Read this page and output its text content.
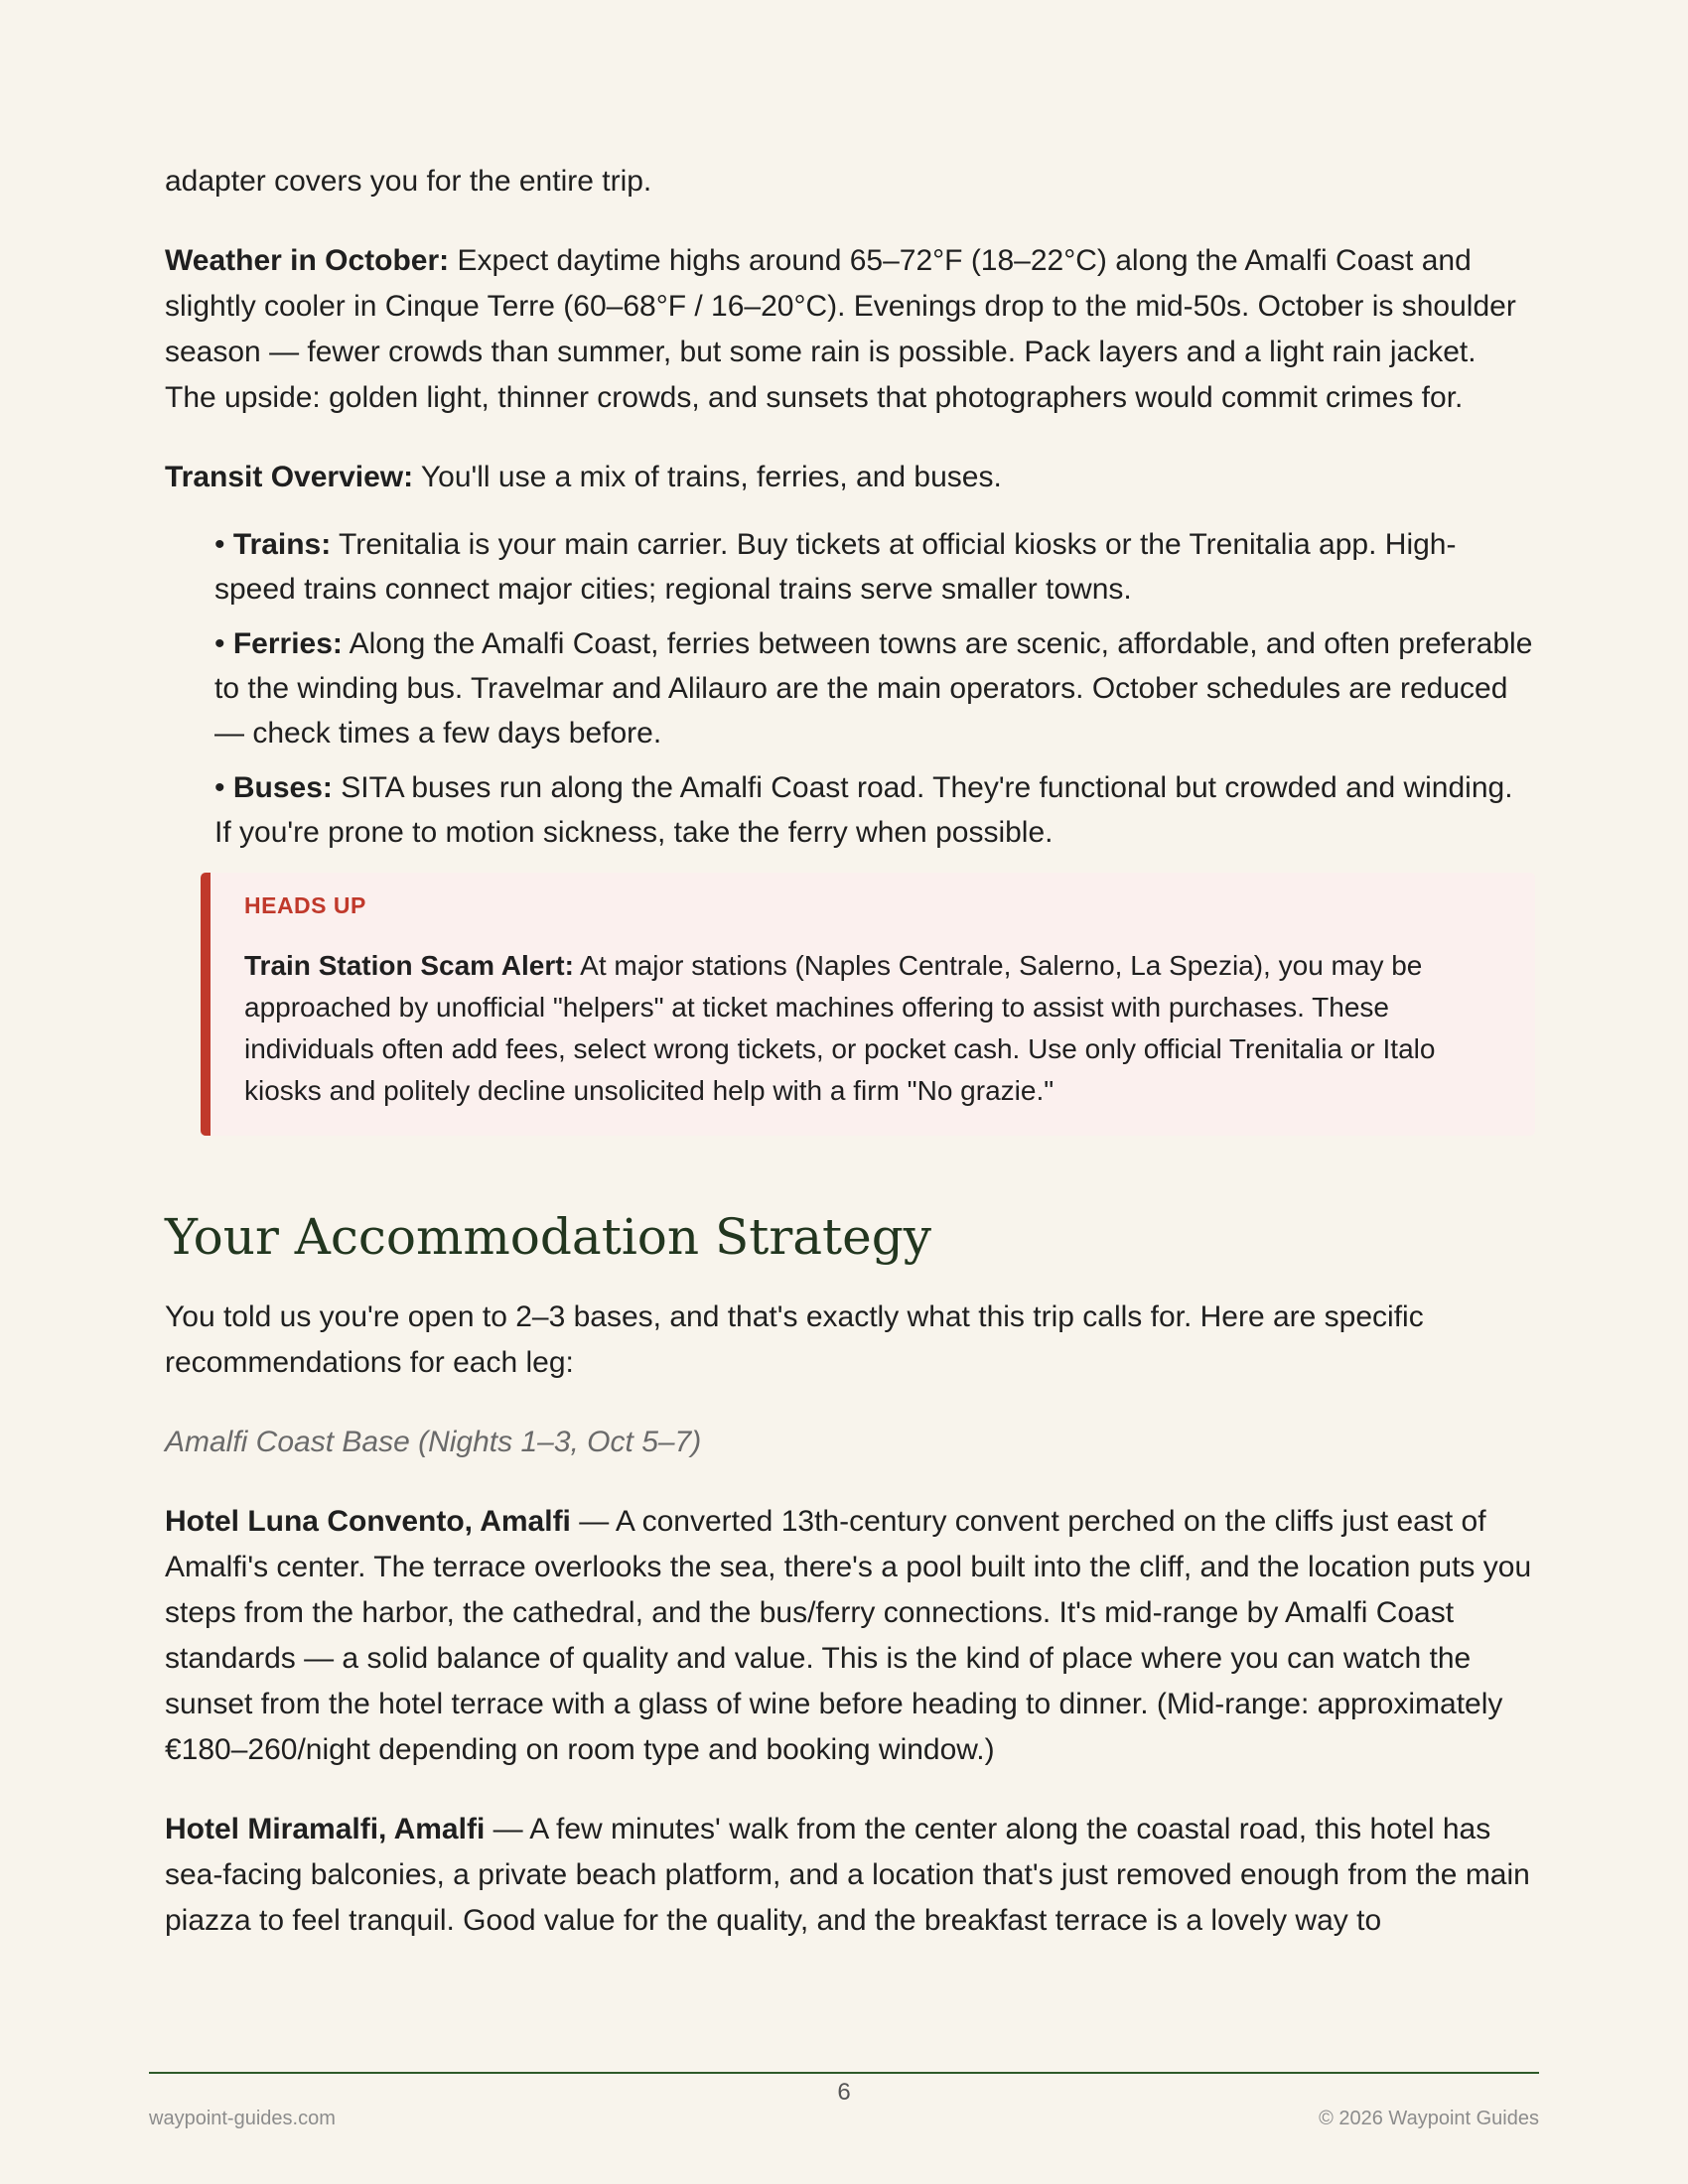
adapter covers you for the entire trip.

Weather in October: Expect daytime highs around 65–72°F (18–22°C) along the Amalfi Coast and slightly cooler in Cinque Terre (60–68°F / 16–20°C). Evenings drop to the mid-50s. October is shoulder season — fewer crowds than summer, but some rain is possible. Pack layers and a light rain jacket. The upside: golden light, thinner crowds, and sunsets that photographers would commit crimes for.

Transit Overview: You'll use a mix of trains, ferries, and buses.

• Trains: Trenitalia is your main carrier. Buy tickets at official kiosks or the Trenitalia app. High-speed trains connect major cities; regional trains serve smaller towns.
• Ferries: Along the Amalfi Coast, ferries between towns are scenic, affordable, and often preferable to the winding bus. Travelmar and Alilauro are the main operators. October schedules are reduced — check times a few days before.
• Buses: SITA buses run along the Amalfi Coast road. They're functional but crowded and winding. If you're prone to motion sickness, take the ferry when possible.
HEADS UP

Train Station Scam Alert: At major stations (Naples Centrale, Salerno, La Spezia), you may be approached by unofficial "helpers" at ticket machines offering to assist with purchases. These individuals often add fees, select wrong tickets, or pocket cash. Use only official Trenitalia or Italo kiosks and politely decline unsolicited help with a firm "No grazie."

Your Accommodation Strategy

You told us you're open to 2–3 bases, and that's exactly what this trip calls for. Here are specific recommendations for each leg:

Amalfi Coast Base (Nights 1–3, Oct 5–7)

Hotel Luna Convento, Amalfi — A converted 13th-century convent perched on the cliffs just east of Amalfi's center. The terrace overlooks the sea, there's a pool built into the cliff, and the location puts you steps from the harbor, the cathedral, and the bus/ferry connections. It's mid-range by Amalfi Coast standards — a solid balance of quality and value. This is the kind of place where you can watch the sunset from the hotel terrace with a glass of wine before heading to dinner. (Mid-range: approximately €180–260/night depending on room type and booking window.)

Hotel Miramalfi, Amalfi — A few minutes' walk from the center along the coastal road, this hotel has sea-facing balconies, a private beach platform, and a location that's just removed enough from the main piazza to feel tranquil. Good value for the quality, and the breakfast terrace is a lovely way to

6
waypoint-guides.com	© 2026 Waypoint Guides
